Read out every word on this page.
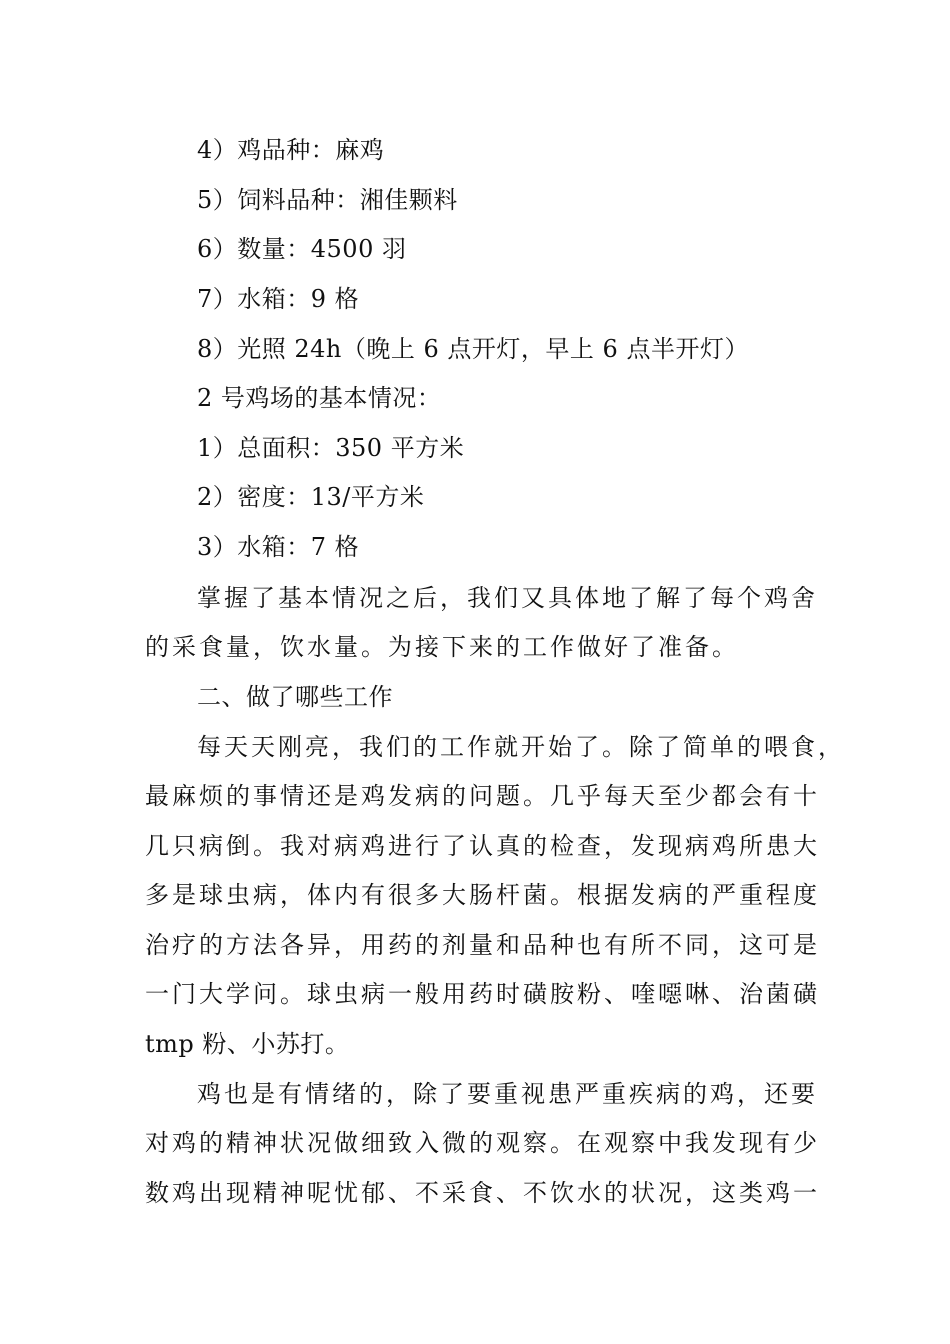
4）鸡品种：麻鸡
5）饲料品种：湘佳颗料
6）数量：4500 羽
7）水箱：9 格
8）光照 24h（晚上 6 点开灯，早上 6 点半开灯）
2 号鸡场的基本情况：
1）总面积：350 平方米
2）密度：13/平方米
3）水箱：7 格
掌握了基本情况之后，我们又具体地了解了每个鸡舍
的采食量，饮水量。为接下来的工作做好了准备。
二、做了哪些工作
每天天刚亮，我们的工作就开始了。除了简单的喂食，
最麻烦的事情还是鸡发病的问题。几乎每天至少都会有十
几只病倒。我对病鸡进行了认真的检查，发现病鸡所患大
多是球虫病，体内有很多大肠杆菌。根据发病的严重程度
治疗的方法各异，用药的剂量和品种也有所不同，这可是
一门大学问。球虫病一般用药时磺胺粉、喹噁啉、治菌磺
tmp 粉、小苏打。
鸡也是有情绪的，除了要重视患严重疾病的鸡，还要
对鸡的精神状况做细致入微的观察。在观察中我发现有少
数鸡出现精神呢忧郁、不采食、不饮水的状况，这类鸡一
